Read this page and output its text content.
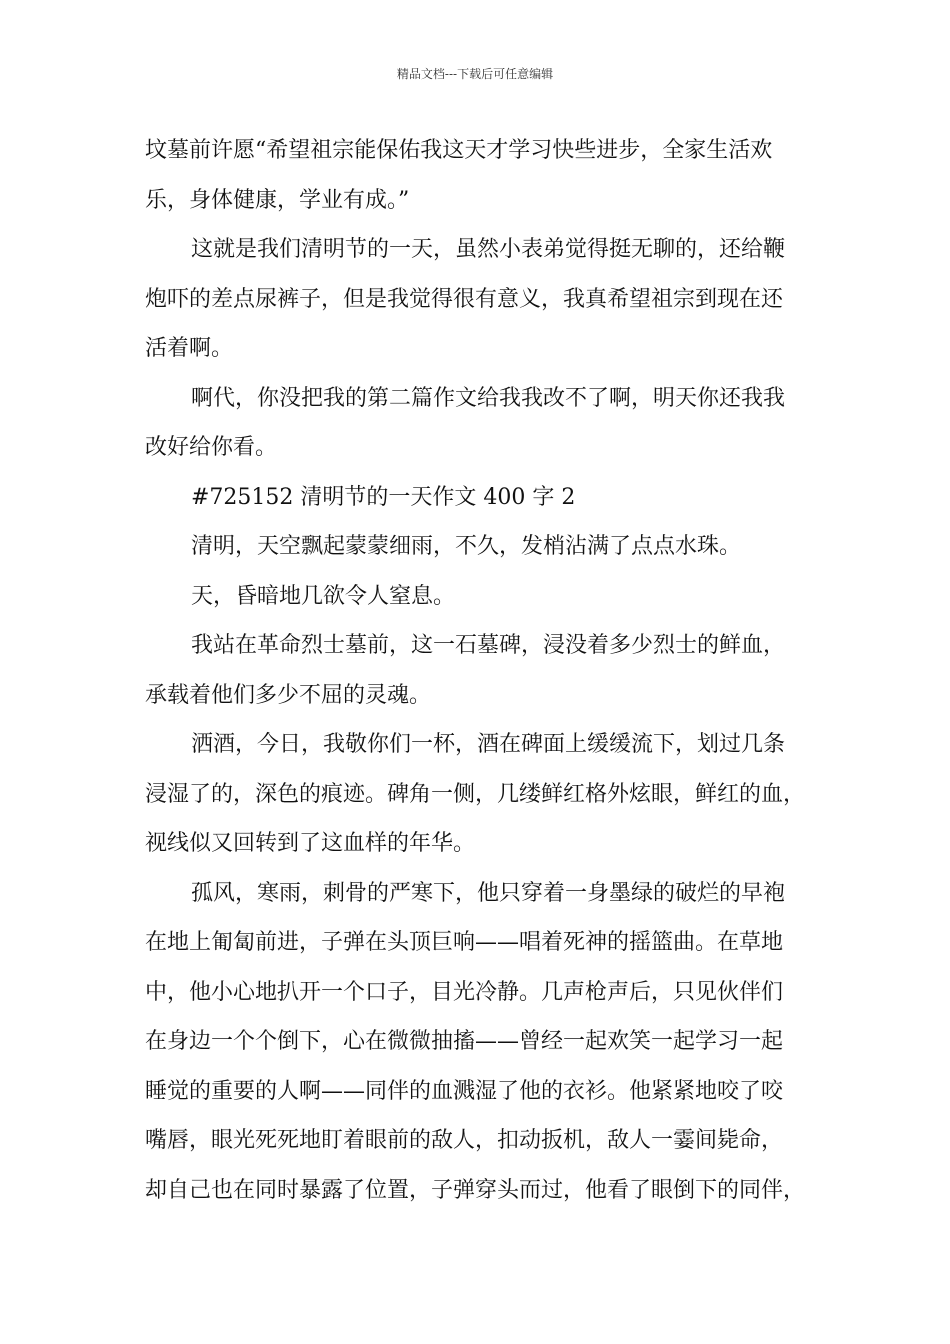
精品文档---下载后可任意编辑
坟墓前许愿“希望祖宗能保佑我这天才学习快些进步，全家生活欢
乐，身体健康，学业有成。”
这就是我们清明节的一天，虽然小表弟觉得挺无聊的，还给鞭
炮吓的差点尿裤子，但是我觉得很有意义，我真希望祖宗到现在还
活着啊。
啊代，你没把我的第二篇作文给我我改不了啊，明天你还我我
改好给你看。
#725152 清明节的一天作文 400 字 2
清明，天空飘起蒙蒙细雨，不久，发梢沾满了点点水珠。
天，昏暗地几欲令人窒息。
我站在革命烈士墓前，这一石墓碑，浸没着多少烈士的鲜血，
承载着他们多少不屈的灵魂。
洒酒，今日，我敬你们一杯，酒在碑面上缓缓流下，划过几条
浸湿了的，深色的痕迹。碑角一侧，几缕鲜红格外炫眼，鲜红的血，
视线似又回转到了这血样的年华。
孤风，寒雨，刺骨的严寒下，他只穿着一身墨绿的破烂的早袍
在地上匍匐前进，子弹在头顶巨响——唱着死神的摇篮曲。在草地
中，他小心地扒开一个口子，目光冷静。几声枪声后，只见伙伴们
在身边一个个倒下，心在微微抽搐——曾经一起欢笑一起学习一起
睡觉的重要的人啊——同伴的血溅湿了他的衣衫。他紧紧地咬了咬
嘴唇，眼光死死地盯着眼前的敌人，扣动扳机，敌人一霎间毙命，
却自己也在同时暴露了位置，子弹穿头而过，他看了眼倒下的同伴，
